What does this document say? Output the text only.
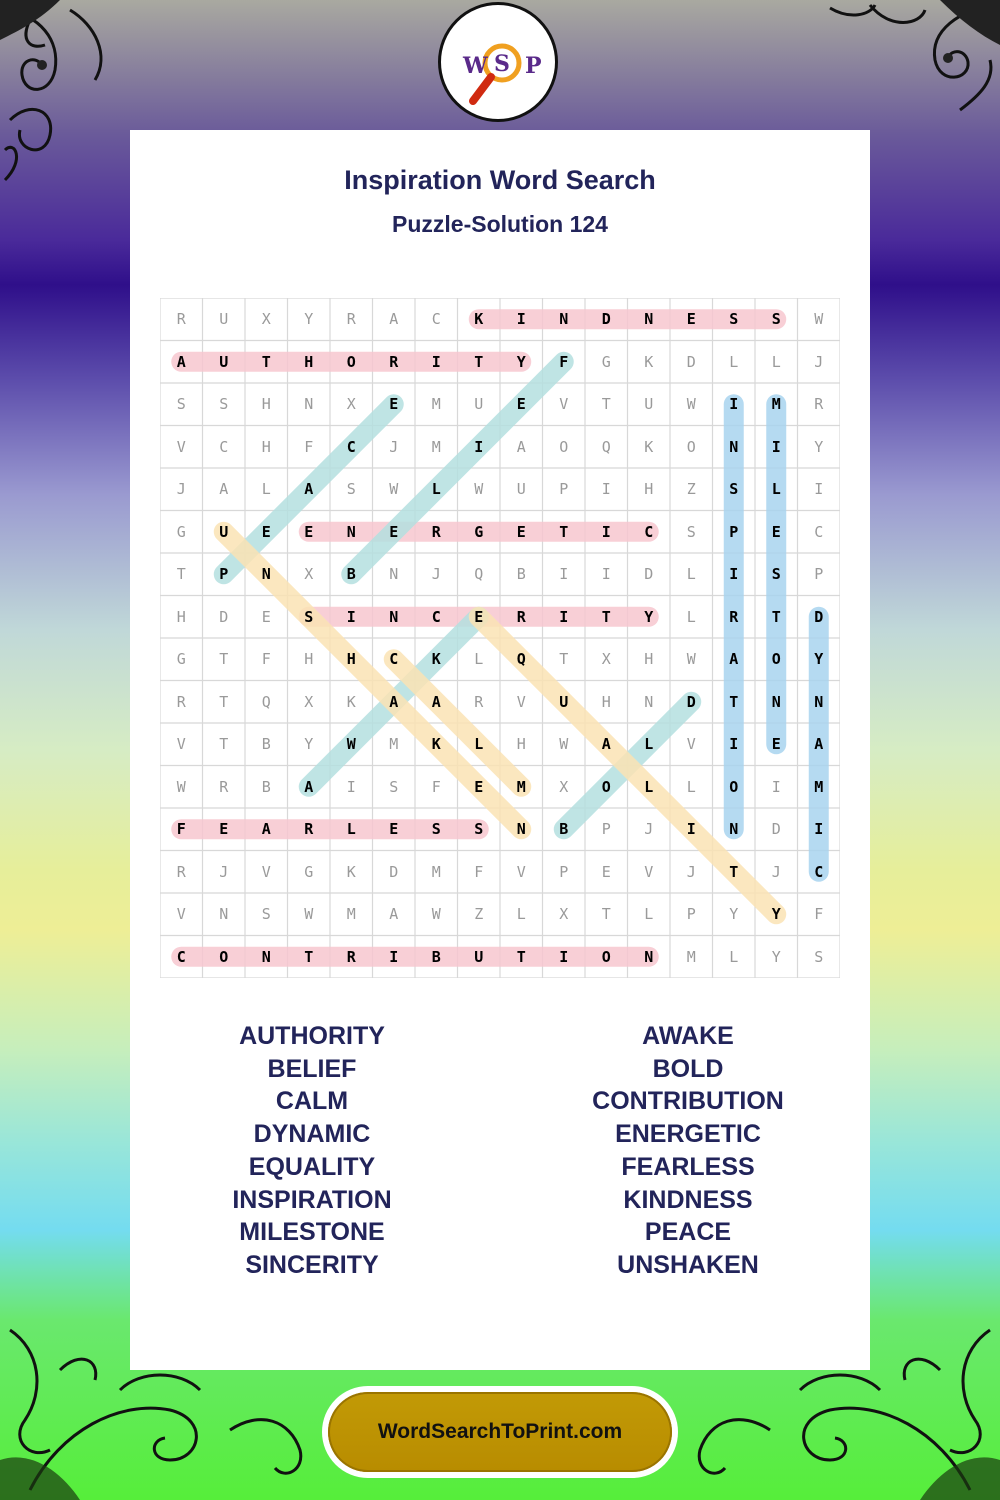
W S P
Inspiration Word Search
Puzzle-Solution 124
R	U	X	Y	R	A	C	K	I	N	D	N	E	S	S	W
A	U	T	H	O	R	I	T	Y	F	G	K	D	L	L	J
S	S	H	N	X	E	M	U	E	V	T	U	W	I	M	R
V	C	H	F	C	J	M	I	A	O	Q	K	O	N	I	Y
J	A	L	A	S	W	L	W	U	P	I	H	Z	S	L	I
G	U	E	E	N	E	R	G	E	T	I	C	S	P	E	C
T	P	N	X	B	N	J	Q	B	I	I	D	L	I	S	P
H	D	E	S	I	N	C	E	R	I	T	Y	L	R	T	D
G	T	F	H	H	C	K	L	Q	T	X	H	W	A	O	Y
R	T	Q	X	K	A	A	R	V	U	H	N	D	T	N	N
V	T	B	Y	W	M	K	L	H	W	A	L	V	I	E	A
W	R	B	A	I	S	F	E	M	X	O	L	L	O	I	M
F	E	A	R	L	E	S	S	N	B	P	J	I	N	D	I
R	J	V	G	K	D	M	F	V	P	E	V	J	T	J	C
V	N	S	W	M	A	W	Z	L	X	T	L	P	Y	Y	F
C	O	N	T	R	I	B	U	T	I	O	N	M	L	Y	S
AUTHORITY
BELIEF
CALM
DYNAMIC
EQUALITY
INSPIRATION
MILESTONE
SINCERITY
AWAKE
BOLD
CONTRIBUTION
ENERGETIC
FEARLESS
KINDNESS
PEACE
UNSHAKEN
WordSearchToPrint.com
